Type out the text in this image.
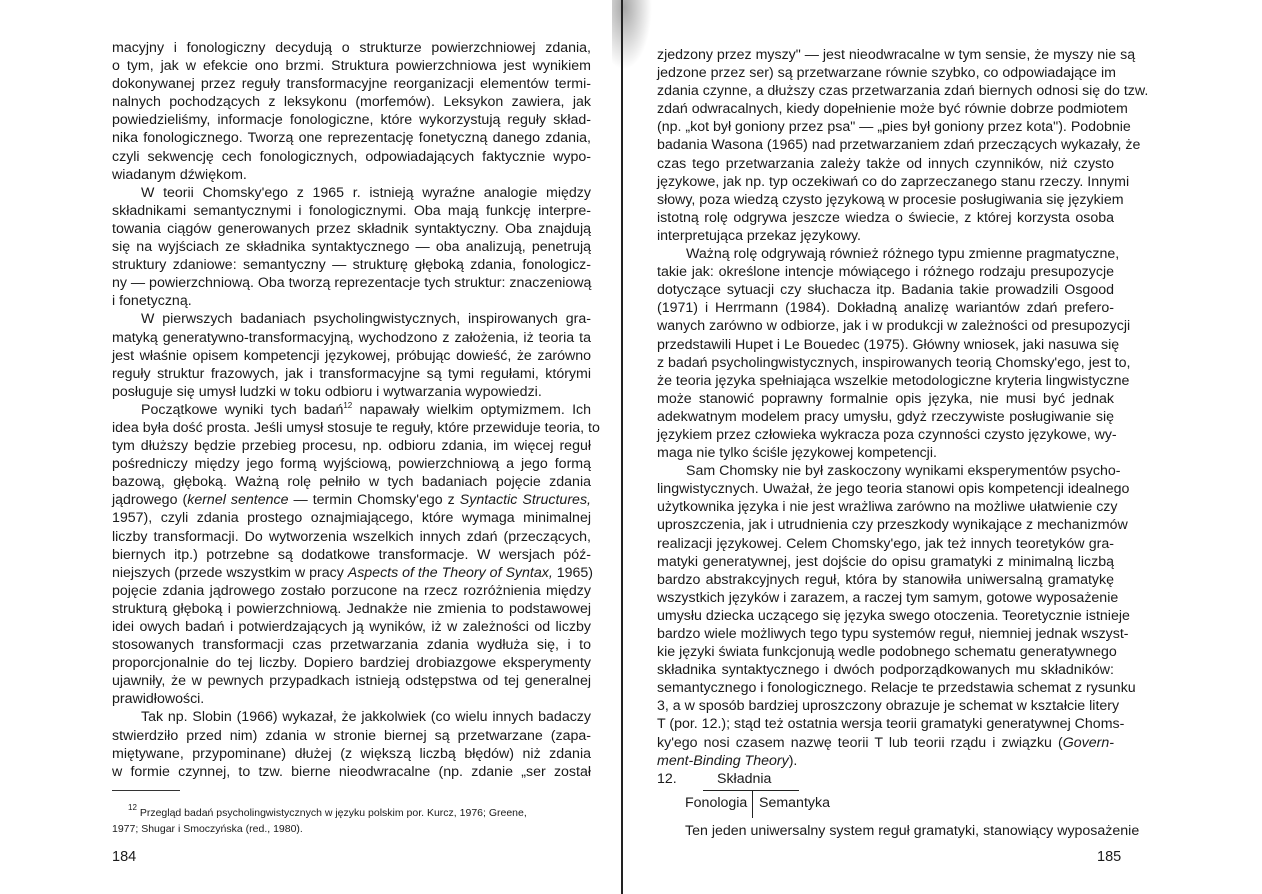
macyjny i fonologiczny decydują o strukturze powierzchniowej zdania,
o tym, jak w efekcie ono brzmi. Struktura powierzchniowa jest wynikiem
dokonywanej przez reguły transformacyjne reorganizacji elementów termi-
nalnych pochodzących z leksykonu (morfemów). Leksykon zawiera, jak
powiedzieliśmy, informacje fonologiczne, które wykorzystują reguły skład-
nika fonologicznego. Tworzą one reprezentację fonetyczną danego zdania,
czyli sekwencję cech fonologicznych, odpowiadających faktycznie wypo-
wiadanym dźwiękom.
W teorii Chomsky'ego z 1965 r. istnieją wyraźne analogie między
składnikami semantycznymi i fonologicznymi. Oba mają funkcję interpre-
towania ciągów generowanych przez składnik syntaktyczny. Oba znajdują
się na wyjściach ze składnika syntaktycznego — oba analizują, penetrują
struktury zdaniowe: semantyczny — strukturę głęboką zdania, fonologicz-
ny — powierzchniową. Oba tworzą reprezentacje tych struktur: znaczeniową
i fonetyczną.
W pierwszych badaniach psycholingwistycznych, inspirowanych gra-
matyką generatywno-transformacyjną, wychodzono z założenia, iż teoria ta
jest właśnie opisem kompetencji językowej, próbując dowieść, że zarówno
reguły struktur frazowych, jak i transformacyjne są tymi regułami, którymi
posługuje się umysł ludzki w toku odbioru i wytwarzania wypowiedzi.
Początkowe wyniki tych badań$^{12}$ napawały wielkim optymizmem. Ich
idea była dość prosta. Jeśli umysł stosuje te reguły, które przewiduje teoria, to
tym dłuższy będzie przebieg procesu, np. odbioru zdania, im więcej reguł
pośredniczy między jego formą wyjściową, powierzchniową a jego formą
bazową, głęboką. Ważną rolę pełniło w tych badaniach pojęcie zdania
jądrowego (kernel sentence — termin Chomsky'ego z Syntactic Structures,
1957), czyli zdania prostego oznajmiającego, które wymaga minimalnej
liczby transformacji. Do wytworzenia wszelkich innych zdań (przeczących,
biernych itp.) potrzebne są dodatkowe transformacje. W wersjach póź-
niejszych (przede wszystkim w pracy Aspects of the Theory of Syntax, 1965)
pojęcie zdania jądrowego zostało porzucone na rzecz rozróżnienia między
strukturą głęboką i powierzchniową. Jednakże nie zmienia to podstawowej
idei owych badań i potwierdzających ją wyników, iż w zależności od liczby
stosowanych transformacji czas przetwarzania zdania wydłuża się, i to
proporcjonalnie do tej liczby. Dopiero bardziej drobiazgowe eksperymenty
ujawniły, że w pewnych przypadkach istnieją odstępstwa od tej generalnej
prawidłowości.
Tak np. Slobin (1966) wykazał, że jakkolwiek (co wielu innych badaczy
stwierdziło przed nim) zdania w stronie biernej są przetwarzane (zapa-
miętywane, przypominane) dłużej (z większą liczbą błędów) niż zdania
w formie czynnej, to tzw. bierne nieodwracalne (np. zdanie „ser został
$^{12}$ Przegląd badań psycholingwistycznych w języku polskim por. Kurcz, 1976; Greene,
1977; Shugar i Smoczyńska (red., 1980).
184
zjedzony przez myszy" — jest nieodwracalne w tym sensie, że myszy nie są
jedzone przez ser) są przetwarzane równie szybko, co odpowiadające im
zdania czynne, a dłuższy czas przetwarzania zdań biernych odnosi się do tzw.
zdań odwracalnych, kiedy dopełnienie może być równie dobrze podmiotem
(np. „kot był goniony przez psa" — „pies był goniony przez kota"). Podobnie
badania Wasona (1965) nad przetwarzaniem zdań przeczących wykazały, że
czas tego przetwarzania zależy także od innych czynników, niż czysto
językowe, jak np. typ oczekiwań co do zaprzeczanego stanu rzeczy. Innymi
słowy, poza wiedzą czysto językową w procesie posługiwania się językiem
istotną rolę odgrywa jeszcze wiedza o świecie, z której korzysta osoba
interpretująca przekaz językowy.
Ważną rolę odgrywają również różnego typu zmienne pragmatyczne,
takie jak: określone intencje mówiącego i różnego rodzaju presupozycje
dotyczące sytuacji czy słuchacza itp. Badania takie prowadzili Osgood
(1971) i Herrmann (1984). Dokładną analizę wariantów zdań prefero-
wanych zarówno w odbiorze, jak i w produkcji w zależności od presupozycji
przedstawili Hupet i Le Bouedec (1975). Główny wniosek, jaki nasuwa się
z badań psycholingwistycznych, inspirowanych teorią Chomsky'ego, jest to,
że teoria języka spełniająca wszelkie metodologiczne kryteria lingwistyczne
może stanowić poprawny formalnie opis języka, nie musi być jednak
adekwatnym modelem pracy umysłu, gdyż rzeczywiste posługiwanie się
językiem przez człowieka wykracza poza czynności czysto językowe, wy-
maga nie tylko ściśle językowej kompetencji.
Sam Chomsky nie był zaskoczony wynikami eksperymentów psycho-
lingwistycznych. Uważał, że jego teoria stanowi opis kompetencji idealnego
użytkownika języka i nie jest wrażliwa zarówno na możliwe ułatwienie czy
uproszczenia, jak i utrudnienia czy przeszkody wynikające z mechanizmów
realizacji językowej. Celem Chomsky'ego, jak też innych teoretyków gra-
matyki generatywnej, jest dojście do opisu gramatyki z minimalną liczbą
bardzo abstrakcyjnych reguł, która by stanowiła uniwersalną gramatykę
wszystkich języków i zarazem, a raczej tym samym, gotowe wyposażenie
umysłu dziecka uczącego się języka swego otoczenia. Teoretycznie istnieje
bardzo wiele możliwych tego typu systemów reguł, niemniej jednak wszyst-
kie języki świata funkcjonują wedle podobnego schematu generatywnego
składnika syntaktycznego i dwóch podporządkowanych mu składników:
semantycznego i fonologicznego. Relacje te przedstawia schemat z rysunku
3, a w sposób bardziej uproszczony obrazuje je schemat w kształcie litery
T (por. 12.); stąd też ostatnia wersja teorii gramatyki generatywnej Choms-
ky'ego nosi czasem nazwę teorii T lub teorii rządu i związku (Govern-
ment-Binding Theory).
12.	Składnia
Fonologia Semantyka
Ten jeden uniwersalny system reguł gramatyki, stanowiący wyposażenie
185
